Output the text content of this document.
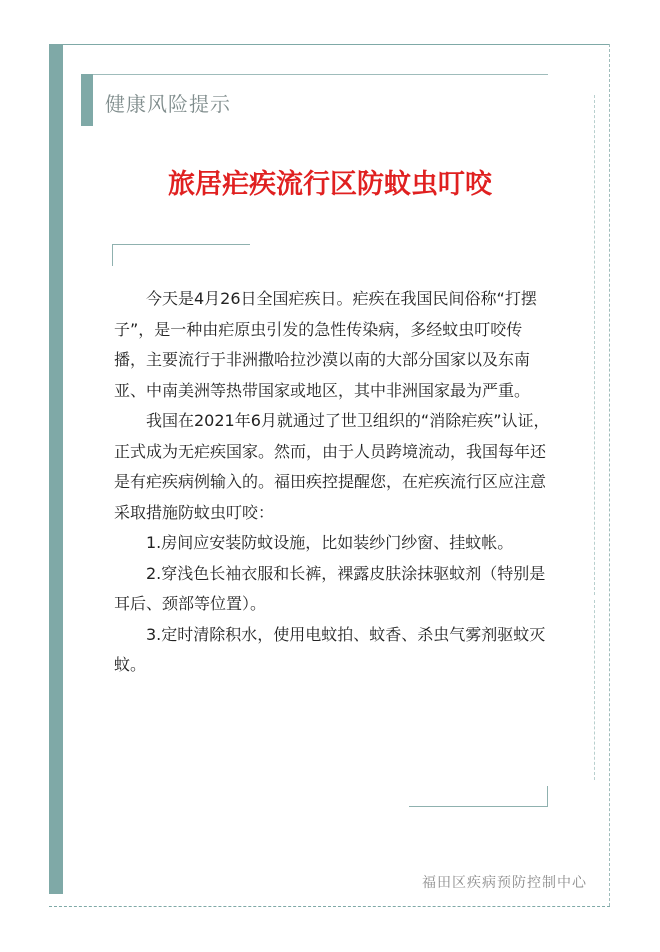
健康风险提示
旅居疟疾流行区防蚊虫叮咬

今天是4月26日全国疟疾日。疟疾在我国民间俗称“打摆子”，是一种由疟原虫引发的急性传染病，多经蚊虫叮咬传播，主要流行于非洲撒哈拉沙漠以南的大部分国家以及东南亚、中南美洲等热带国家或地区，其中非洲国家最为严重。

我国在2021年6月就通过了世卫组织的“消除疟疾”认证，正式成为无疟疾国家。然而，由于人员跨境流动，我国每年还是有疟疾病例输入的。福田疾控提醒您，在疟疾流行区应注意采取措施防蚊虫叮咬：

1.房间应安装防蚊设施，比如装纱门纱窗、挂蚊帐。

2.穿浅色长袖衣服和长裤，裸露皮肤涂抹驱蚊剂（特别是耳后、颈部等位置）。

3.定时清除积水，使用电蚊拍、蚊香、杀虫气雾剂驱蚊灭蚊。

福田区疾病预防控制中心
